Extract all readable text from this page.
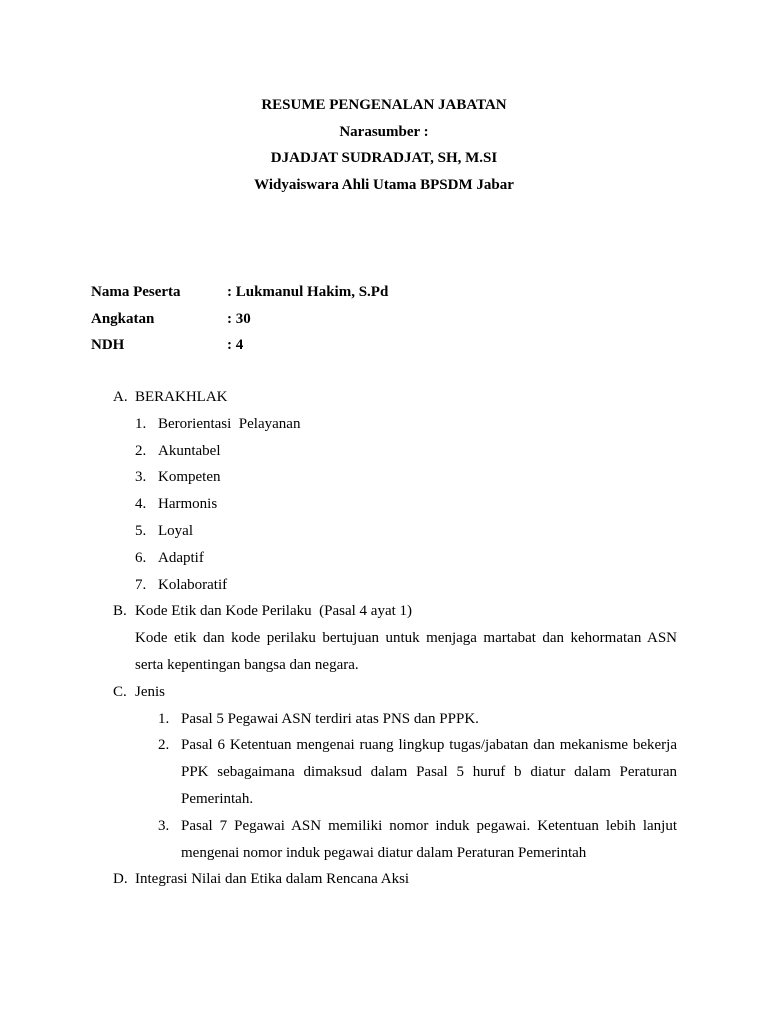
RESUME PENGENALAN JABATAN
Narasumber :
DJADJAT SUDRADJAT, SH, M.SI
Widyaiswara Ahli Utama BPSDM Jabar
Nama Peserta	: Lukmanul Hakim, S.Pd
Angkatan	: 30
NDH	: 4
A. BERAKHLAK
1. Berorientasi  Pelayanan
2. Akuntabel
3. Kompeten
4. Harmonis
5. Loyal
6. Adaptif
7. Kolaboratif
B. Kode Etik dan Kode Perilaku  (Pasal 4 ayat 1)
Kode etik dan kode perilaku bertujuan untuk menjaga martabat dan kehormatan ASN serta kepentingan bangsa dan negara.
C. Jenis
1. Pasal 5 Pegawai ASN terdiri atas PNS dan PPPK.
2. Pasal 6 Ketentuan mengenai ruang lingkup tugas/jabatan dan mekanisme bekerja PPK sebagaimana dimaksud dalam Pasal 5 huruf b diatur dalam Peraturan Pemerintah.
3. Pasal 7 Pegawai ASN memiliki nomor induk pegawai. Ketentuan lebih lanjut mengenai nomor induk pegawai diatur dalam Peraturan Pemerintah
D. Integrasi Nilai dan Etika dalam Rencana Aksi
